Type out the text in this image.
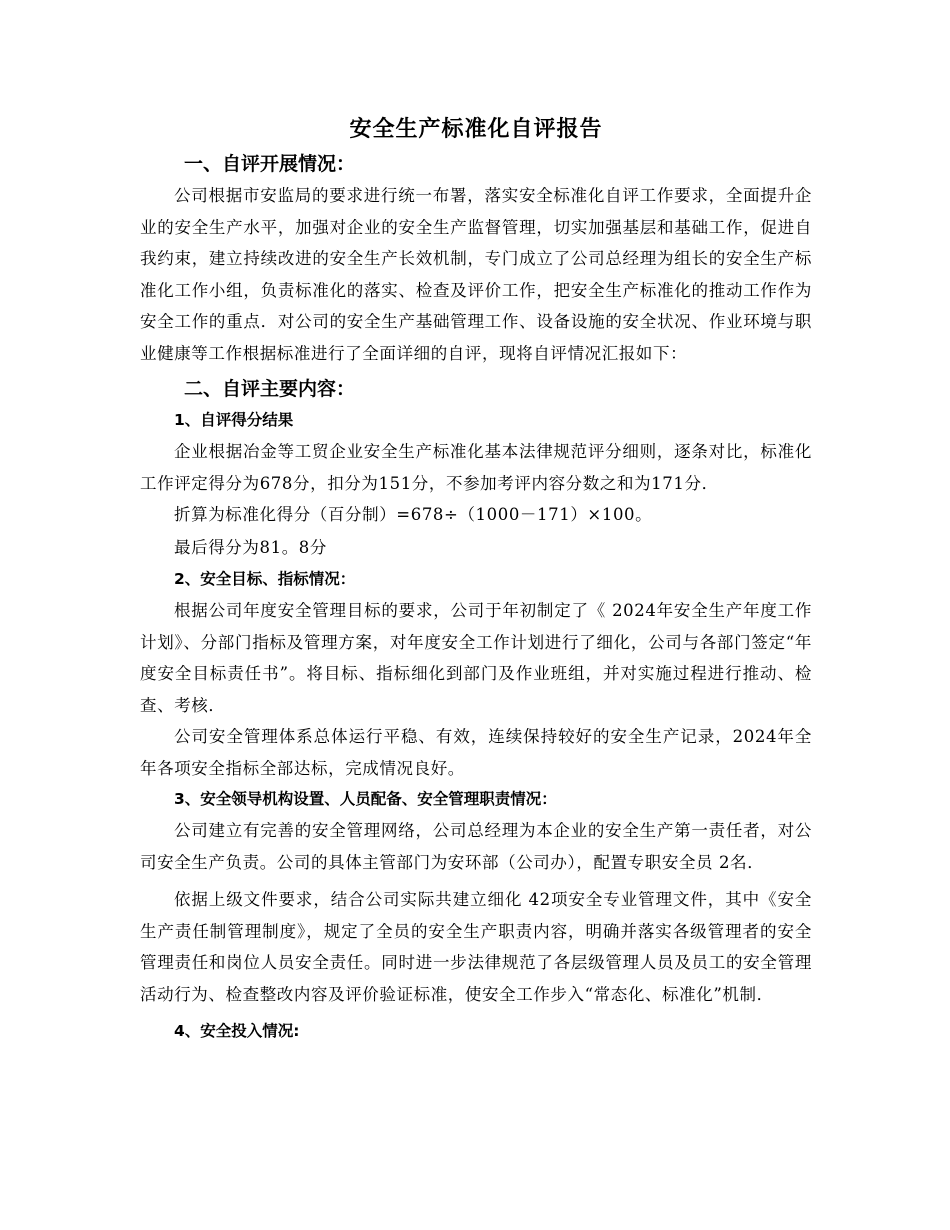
安全生产标准化自评报告
一、自评开展情况：

公司根据市安监局的要求进行统一布署，落实安全标准化自评工作要求，全面提升企业的安全生产水平，加强对企业的安全生产监督管理，切实加强基层和基础工作，促进自我约束，建立持续改进的安全生产长效机制，专门成立了公司总经理为组长的安全生产标准化工作小组，负责标准化的落实、检查及评价工作，把安全生产标准化的推动工作作为安全工作的重点．对公司的安全生产基础管理工作、设备设施的安全状况、作业环境与职业健康等工作根据标准进行了全面详细的自评，现将自评情况汇报如下：

二、自评主要内容：
1、自评得分结果

企业根据冶金等工贸企业安全生产标准化基本法律规范评分细则，逐条对比，标准化工作评定得分为678分，扣分为151分，不参加考评内容分数之和为171分．

折算为标准化得分（百分制）=678÷（1000－171）×100。

最后得分为81。8分

2、安全目标、指标情况：

根据公司年度安全管理目标的要求，公司于年初制定了《 2024年安全生产年度工作计划》、分部门指标及管理方案，对年度安全工作计划进行了细化，公司与各部门签定“年度安全目标责任书”。将目标、指标细化到部门及作业班组，并对实施过程进行推动、检查、考核．

公司安全管理体系总体运行平稳、有效，连续保持较好的安全生产记录，2024年全年各项安全指标全部达标，完成情况良好。

3、安全领导机构设置、人员配备、安全管理职责情况：

公司建立有完善的安全管理网络，公司总经理为本企业的安全生产第一责任者，对公司安全生产负责。公司的具体主管部门为安环部（公司办），配置专职安全员 2名．

依据上级文件要求，结合公司实际共建立细化 42项安全专业管理文件，其中《安全生产责任制管理制度》，规定了全员的安全生产职责内容，明确并落实各级管理者的安全管理责任和岗位人员安全责任。同时进一步法律规范了各层级管理人员及员工的安全管理活动行为、检查整改内容及评价验证标准，使安全工作步入“常态化、标准化”机制．

4、安全投入情况:
